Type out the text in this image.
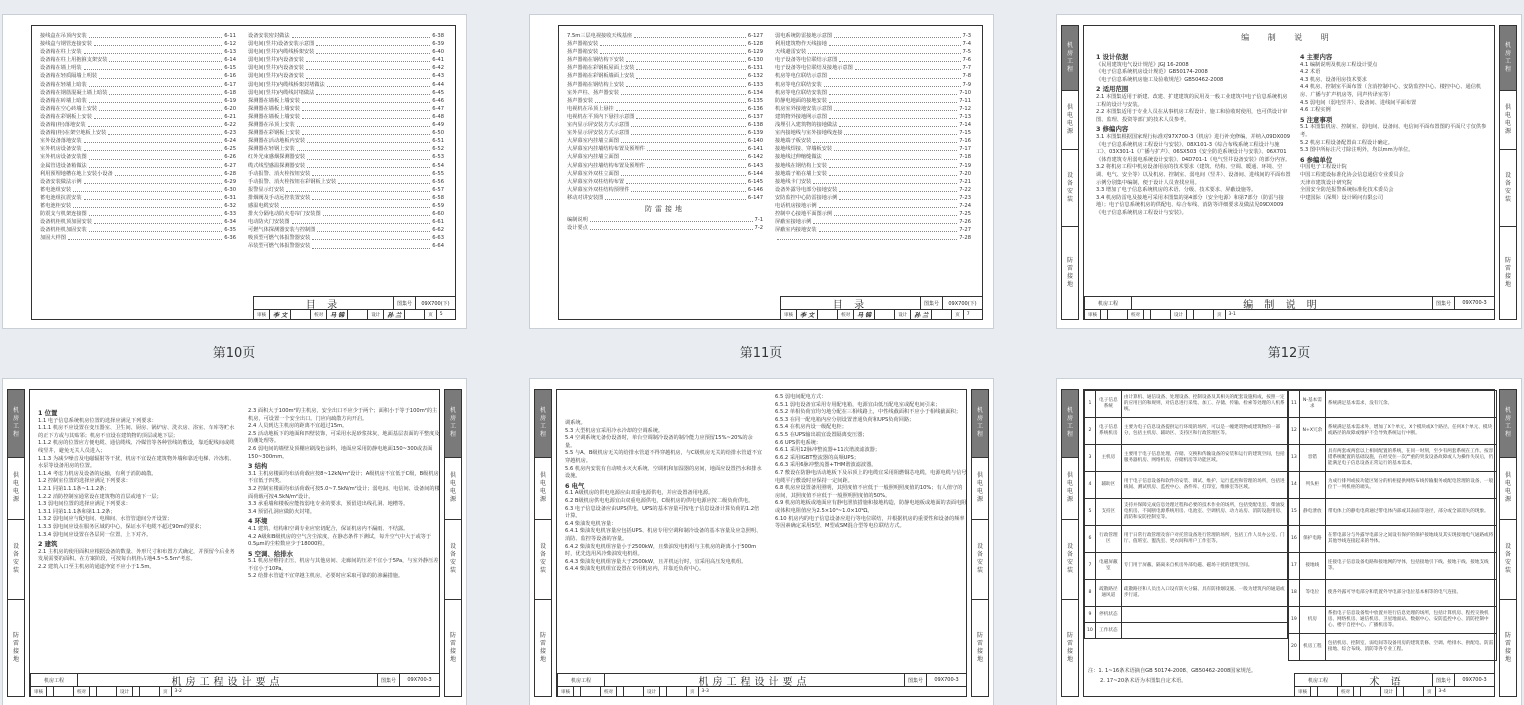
接线盒在吊顶内安装	6-11
接线盒与钢管连接安装	6-12
设备箱在柱上安装	6-13
设备箱在柱上用抱箍支架安装	6-14
设备箱在墙上明装	6-15
设备箱在轻质隔墙上明装	6-16
设备箱在轻墙上暗装	6-17
设备箱在钢筋混凝土墙上暗装	6-18
设备箱在砖墙上暗装	6-19
设备箱在空心砖墙上安装	6-20
设备箱在彩钢板上安装	6-21
设备箱(柜)落地安装	6-22
设备箱(柜)在架空地板上安装	6-23
室外设备落地安装	6-24
室外机房设备安装	6-25
室外机房设备安装图	6-26
金属管进设备箱做法	6-27
利用预埋地槽在地上安装小设备	6-28
设备安装做法示例	6-29
蓄电池组安装	6-30
蓄电池组抗震安装	6-31
蓄电池柜安装	6-32
防震支与机架连接图	6-33
设备机柜机顶加固安装	6-34
设备机柜机加固安装	6-35
加固大样图	6-36
设备安装密封做法	6-38
弱电间(竖井)设备安装示意图	6-39
弱电间(竖井)内缆线桥架安装	6-40
弱电间(竖井)内设备安装	6-41
弱电间(竖井)内设备安装	6-42
弱电间(竖井)内设备安装	6-43
弱电间(竖井)内缆线桥架封堵做法	6-44
弱电间(竖井)内缆线封堵做法	6-45
探测器在墙板上墙安装	6-46
探测器在墙板上墙安装	6-47
探测器在墙板上墙安装	6-48
探测器在吊顶上安装	6-49
探测器在彩钢板上安装	6-50
探测器在活动地板内安装	6-51
探测器在轻钢上安装	6-52
红外光束感烟探测器安装	6-53
缆式线型感温探测器安装	6-54
手动报警、消火栓按钮安装	6-55
手动报警、消火栓按钮在彩钢板上安装	6-56
报警显示灯安装	6-57
排烟阀及手动远控装置安装	6-58
感温电缆安装	6-59
排火分隔电动防火卷帘门安装图	6-60
电动防火门安装图	6-61
可燃气体探测器安装与控制图	6-62
吸顶型可燃气体报警器安装	6-63
吊装型可燃气体报警器安装	6-64
目 录	图集号	09X700(下)
审核	李 文	校对	马 锦	设计	孙 兰	页	5
第10页
7.5m三层电视接收天线基座	6-127
扬声器箱安装	6-128
扬声器箱安装	6-129
扬声器箱在钢结构下安装	6-130
扬声器箱在彩钢板屋面上安装	6-131
扬声器箱在彩钢板墙面上安装	6-132
扬声器箱在钢结构上安装	6-133
室外声柱、扬声器安装	6-134
扬声器安装	6-135
电视机在吊顶上悬挂	6-136
电视机在平顶内下悬挂示意图	6-137
室内显示屏安装方式示意图	6-138
室外显示屏安装方式示意图	6-139
大屏幕室内挂墙立面图	6-140
大屏幕室内挂墙结构布置及预埋件	6-141
大屏幕室内挂墙立面图	6-142
大屏幕室内挂墙结构布置及预埋件	6-143
大屏幕室外双柱立面图	6-144
大屏幕室外双柱结构布置	6-145
大屏幕室外双柱结构预埋件	6-146
移动对讲安装图	6-147
防雷接地
编制说明	7-1
设计要点	7-2
弱电系统防雷接地示意图	7-3
利用建筑物作天线接地	7-4
天线避雷安装	7-5
电子设备等电位联结示意图	7-6
电子设备等电位联结及接地示意图	7-7
机房等电位联结示意图	7-8
机房等电位联结安装	7-9
机房等电位联结安装图	7-10
防静电地面的接地安装	7-11
机房室外接地安装示意图	7-12
建筑物外接地网示意图	7-13
浅埋引入建筑物的接地做法	7-14
室内接地线与室外接地线连接	7-15
接地端子板安装	7-16
接地线焊接、穿墙板安装	7-17
接地线过伸缩缝做法	7-18
接地线在钢结构上安装	7-19
接地端子箱在墙上安装	7-20
接地线卡门安装	7-21
设备外露导电部分接地安装	7-22
安防监控中心防雷接地示例	7-23
电话机房接地示例	7-24
控制中心接地平面图示例	7-25
屏蔽室接地示例	7-26
屏蔽室内接地安装	7-27
7-28
目 录	图集号	09X700(下)
审核	李 文	校对	马 锦	设计	孙 兰	页	7
第11页
机房工程
供电电源
设备安装
防雷接地
机房工程
供电电源
设备安装
防雷接地
编 制 说 明

1 设计依据

《民用建筑电气设计规范》JGJ 16-2008

《电子信息系统机房设计规范》GB50174-2008

《电子信息系统机房施工及验收规范》GB50462-2008

2 适用范围

2.1 本图集适用于新建、改建、扩建建筑的民用及一般工业建筑中电子信息系统机房工程的设计与安装。

2.2 本图集适用于专业人员在从事机房工程设计、施工和验收时使用，也可供设计审图、监理、投资等部门的技术人员参考。

3 修编内容

3.1 本图集根据国家现行标准对97X700-3《机房》进行补充修编，并纳入09DX009《电子信息系统机房工程设计与安装》、08X101-3《综合布线系统工程设计与施工》、03X301-1《广播与扩声》、06SX503《安全防范系统设计与安装》、06X701《体育建筑专用弱电系统设计安装》、04D701-1《电气竖井设备安装》的部分内容。

3.2 将机房工程中机房设备用房的技术要求（建筑、结构、空调、暖通、环境、空调、电气、安全等）以及机房、控制室、弱电间（竖井）、设备间、进线间的平面布置示例分别集中编制，便于设计人员查找应用。

3.3 增加了电子信息系统机房的术语、分级、技术要求、屏蔽设施等。

3.4 机房防雷电及接地可采用本图集的第4部分（安全电源）和第7部分（防雷与接地）；电子信息系统机房的供配电、综合布线、消防等详细要求及做法见09DX009《电子信息系统机房工程设计与安装》。

4 主要内容

4.1 编制说明及机房工程设计要点

4.2 术语

4.3 机房、设备用房技术要求

4.4 机房、控制室平面布置（含消控制中心、安防监控中心、楼控中心、通信机房、广播与扩声机房等，同声传译室等）

4.5 弱电间（弱电竖井）、设备间、进线间平面布置

4.6 工程实例

5 注意事项

5.1 本图集机房、控制室、弱电间、设备间、电信间平面布置图的平面尺寸仅供参考。

5.2 机房工程设备配置由工程设计确定。

5.3 图中所标注尺寸除注明外，均以mm为单位。

6 参编单位

中国电子工程设计院

中国工程建设标准化协会信息通信专业委员会

天津市建筑设计研究院

全国安全防范报警系统标准化技术委员会

中建国际（深圳）设计顾问有限公司

机房工程	编 制 说 明	图集号	09X700-3
审核	校对	设计	页	3-1
第12页
机房工程
供电电源
设备安装
防雷接地
机房工程
供电电源
设备安装
防雷接地

1 位置

1.1 电子信息系统机房位置的选择应满足下列要求：

1.1.1 机房不应设置在变压器室、卫生间、厨房、锅炉房、洗衣房、浴室、车库等贮水的正下方或与其贴邻；机房不宜设在建筑物的顶层或地下层；

1.1.2 机房的位置应方便电缆、通信缆线、冷媒管等各种管线的敷设，靠近配线间或缆线竖井，避免无关人员进入；

1.1.3 为减少噪音及电磁辐射等干扰，机房不宜设在建筑物外墙和靠近电梯、冷冻机、水泵等设备用房的位置。

1.1.4 考虑力机房及设备的运输，有利于消防疏散。

1.2 控制室位置的选择应满足下列要求：

1.2.1 同第1.1.1条~1.1.2条；

1.2.2 消防控制室通常设在建筑物的首层或地下一层；

1.3 弱电间位置的选择应满足下列要求：

1.3.1 同第1.1.1条和第1.1.2条；

1.3.2 弱电间应与配电间、电梯间、水管管道间分开设置；

1.3.3 弱电间应设在服务区域的中心，保证水平电缆不超过90m的要求；

1.3.4 弱电间应设置在各层同一位置，上下对齐。

2 建筑

2.1 主机房的使用面积应根据设备的数量、外形尺寸和布置方式确定，并预留今后业务发展需要的面积。在方案阶段，可按每台机柜占地4.5~5.5m²考虑。

2.2 建筑入口至主机房的通道净宽不应小于1.5m。

2.3 面积大于100m²的主机房，安全出口不应少于两个；面积小于等于100m²的主机房，可设置一个安全出口。门应向疏散方向开启。

2.4 人员到达主机房的距离不宜超过15m。

2.5 活动地板下的地面和四壁装饰，可采用水泥砂浆抹灰，地面基层表面的平整度及防潮处理等。

2.6 弱电间的墙壁及顶棚应刷浅色涂料，地面应采用防静电地面150~300或表面150~300mm。

3 结构

3.1 主机房楼面均布活荷载应按8~12kN/m²设计；A级机房不宜低于C级，B级机房不宜低于四类。

3.2 控制室楼面均布活荷载可按5.0~7.5kN/m²设计；弱电间、电信间、设备间的楼面荷载可按4.5kN/m²设计。

3.3 承重墙和楼板应能按弱电专业的要求，预留进出线孔洞、地槽等。

3.4 预留孔洞应做防火封堵。

4 环境

4.1 建筑、结构和空调专业应密切配合，保证机房内不漏雨、不结露。

4.2 A级和B级机房的空气含尘浓度，在静态条件下测试，每升空气中大于或等于0.5μm的尘粒数应少于18000粒。

5 空调、给排水

5.1 机房应维持正压，机房与其他房间、走廊间的压差不宜小于5Pa，与室外静压差不宜小于10Pa。

5.2 给排水管道不宜穿越主机房，必要时应采取可靠的防渗漏措施。

机房工程	机房工程设计要点	图集号	09X700-3
审核	校对	设计	页	3-2
机房工程
供电电源
设备安装
防雷接地
机房工程
供电电源
设备安装
防雷接地

调系统。

5.3 大型机房宜采用冷水冷却的空调系统。

5.4 空调系统无备份设备时，单台空调制冷设备的制冷能力应预留15%~20%的余量。

5.5 与A、B级机房无关的给排水管道不得穿越机房，与C级机房无关的给排水管道不宜穿越机房。

5.6 机房内安装有自动喷水灭火系统、空调机和加湿器的房间，地面应设置挡水和排水设施。

6 电气

6.1 A级机房的供电电源应由双重电源供电，并应设置备用电源。

6.2 B级机房供电电源宜由双重电源供电，C级机房的供电电源应按二级负荷供电。

6.3 电子信息设备应由UPS供电，UPS的基本容量可按电子信息设备计算负荷的1.2倍计算。

6.4 柴油发电机容量：

6.4.1 柴油发电机容量应包括UPS、机房专用空调和制冷设备的基本容量及应急照明、消防、监控等设备的容量。

6.4.2 柴油发电机组容量小于2500kW，且柴油发电机组与主机房的距离小于500m时，优先选用风冷柴油发电机组。

6.4.3 柴油发电机组容量大于2500kW，且并机运行时，宜采用高压发电机组。

6.4.4 柴油发电机组宜设置在专用机房内，并靠近负荷中心。

6.5 弱电间配电方式：

6.5.1 弱电设备宜采用专用配电箱，电源宜由低压配电室或配电间引来；

6.5.2 单相负荷宜均匀地分配在三相线路上，中性线截面积不应小于相线截面积；

6.5.3 在同一配电箱内应分别设置普通负荷和UPS负荷回路；

6.5.4 在机房内设一级配电柜；

6.5.5 在UPS输出端宜设置隔离变压器；

6.6 UPS供电系统：

6.6.1 采用12脉冲整流器+11次谐波滤波器；

6.6.2 采用IGBT整流器的高频UPS；

6.6.3 采用6脉冲整流器+THM谐波滤波器。

6.7 敷设在防静电活动地板下及吊顶上的电缆宜采用阻燃铜芯电缆，电源电缆与信号电缆平行敷设时应保持一定间距。

6.8 机房应设置备用照明，其照度值不应低于一般照明照度值的10%；有人值守的房间，其照度值不应低于一般照明照度值的50%。

6.9 机房的地板或地面应有静电泄放措施和接地构造，防静电地板或地面的表面电阻或体积电阻值应为2.5×10⁴~1.0×10⁹Ω。

6.10 机房内的电子信息设备应进行等电位联结，并根据机房的重要性和设备的频率等因素确定采用S型、M型或SM混合型等电位联结方式。

机房工程	机房工程设计要点	图集号	09X700-3
审核	校对	设计	页	3-3
机房工程
供电电源
设备安装
防雷接地
机房工程
供电电源
设备安装
防雷接地
1	电子信息系统	由计算机、通信设备、处理设备、控制设备及其相关的配套设施构成，按照一定的应用目的和规则，对信息进行采集、加工、存储、传输、检索等处理的人机系统。
2	电子信息系统机房	主要为电子信息设备提供运行环境的场所，可以是一幢建筑物或建筑物的一部分，包括主机房、辅助区、支持区和行政管理区等。
3	主机房	主要用于电子信息处理、存储、交换和传输设备的安装和运行的建筑空间，包括服务器机房、网络机房、存储机房等功能区域。
4	辅助区	用于电子信息设备和软件的安装、调试、维护、运行监控和管理的场所，包括进线间、测试机房、监控中心、备件库、打印室、维修室等区域。
5	支持区	支持并保障完成信息处理过程和必要的技术作业的场所，包括变配电室、柴油发电机房、不间断电源系统用房、电池室、空调机房、动力站房、消防设施用房、消防和安防控制室等。
6	行政管理区	用于日常行政管理及客户对托管设备进行管理的场所，包括工作人员办公室、门厅、值班室、盥洗室、更衣间和用户工作室等。
7	电磁屏蔽室	专门用于屏蔽、隔离来自机房外部电磁、磁场干扰的建筑空间。
8	疏散路径通风道	疏散路径和人员出入口设有防火分隔、具有防排烟设施、一般为建筑内的通道或步行道。
9	停机状态	
10	工作状态	
11	N-基本需求	系统满足基本需求，没有冗余。
12	N+X冗余	系统满足基本需求外，增加了X个单元、X个模块或X个路径。任何X个单元、模块或路径的故障或维护不会导致系统运行中断。
13	容错	具有两套或两套以上相同配置的系统，在同一时刻，至少有两套系统在工作。按容错系统配置的基础设施，在经受住一次严重的突发设备故障或人为操作失误后，仍能满足电子信息设备正常运行的基本需求。
14	列头柜	为成行排列或按功能区划分的机柜提供网络布线传输服务或配电管理的设备，一般位于一列机柜的端头。
15	静电泄放	带电体上的静电电荷通过带电体内部或其表面等途径，部分或全部消失的现象。
16	保护电路	在带电部分与外露导电部分之间设有保护的保护接地线及其实现接地电气通路或将其他导线连接起来的导体。
17	接地线	连接电子信息设备电路和接地网的导体，包括接地引下线、接地干线、接地支线等。
18	等电位	使各外露可导电部分和装置外导电部分电位基本相等的电气连接。
19	机房	系指电子信息设备集中放置并进行信息处理的场所，包括计算机房、程控交换机房、网络机房、通信机房、卫星地面站、数据中心、安防监控中心、消防控制中心、楼宇自控中心、广播机房等。
20	机房工程	包括机房、控制室、弱电间等设备用房的建筑装修、空调、给排水、供配电、防雷接地、综合布线、消防等各专业工程。
注：1. 1~16条术语摘自GB 50174-2008、GB50462-2008国家规范。
2. 17~20条术语为本图集自定术语。	机房工程	术 语	图集号	09X700-3
审核	校对	设计	页	3-4
